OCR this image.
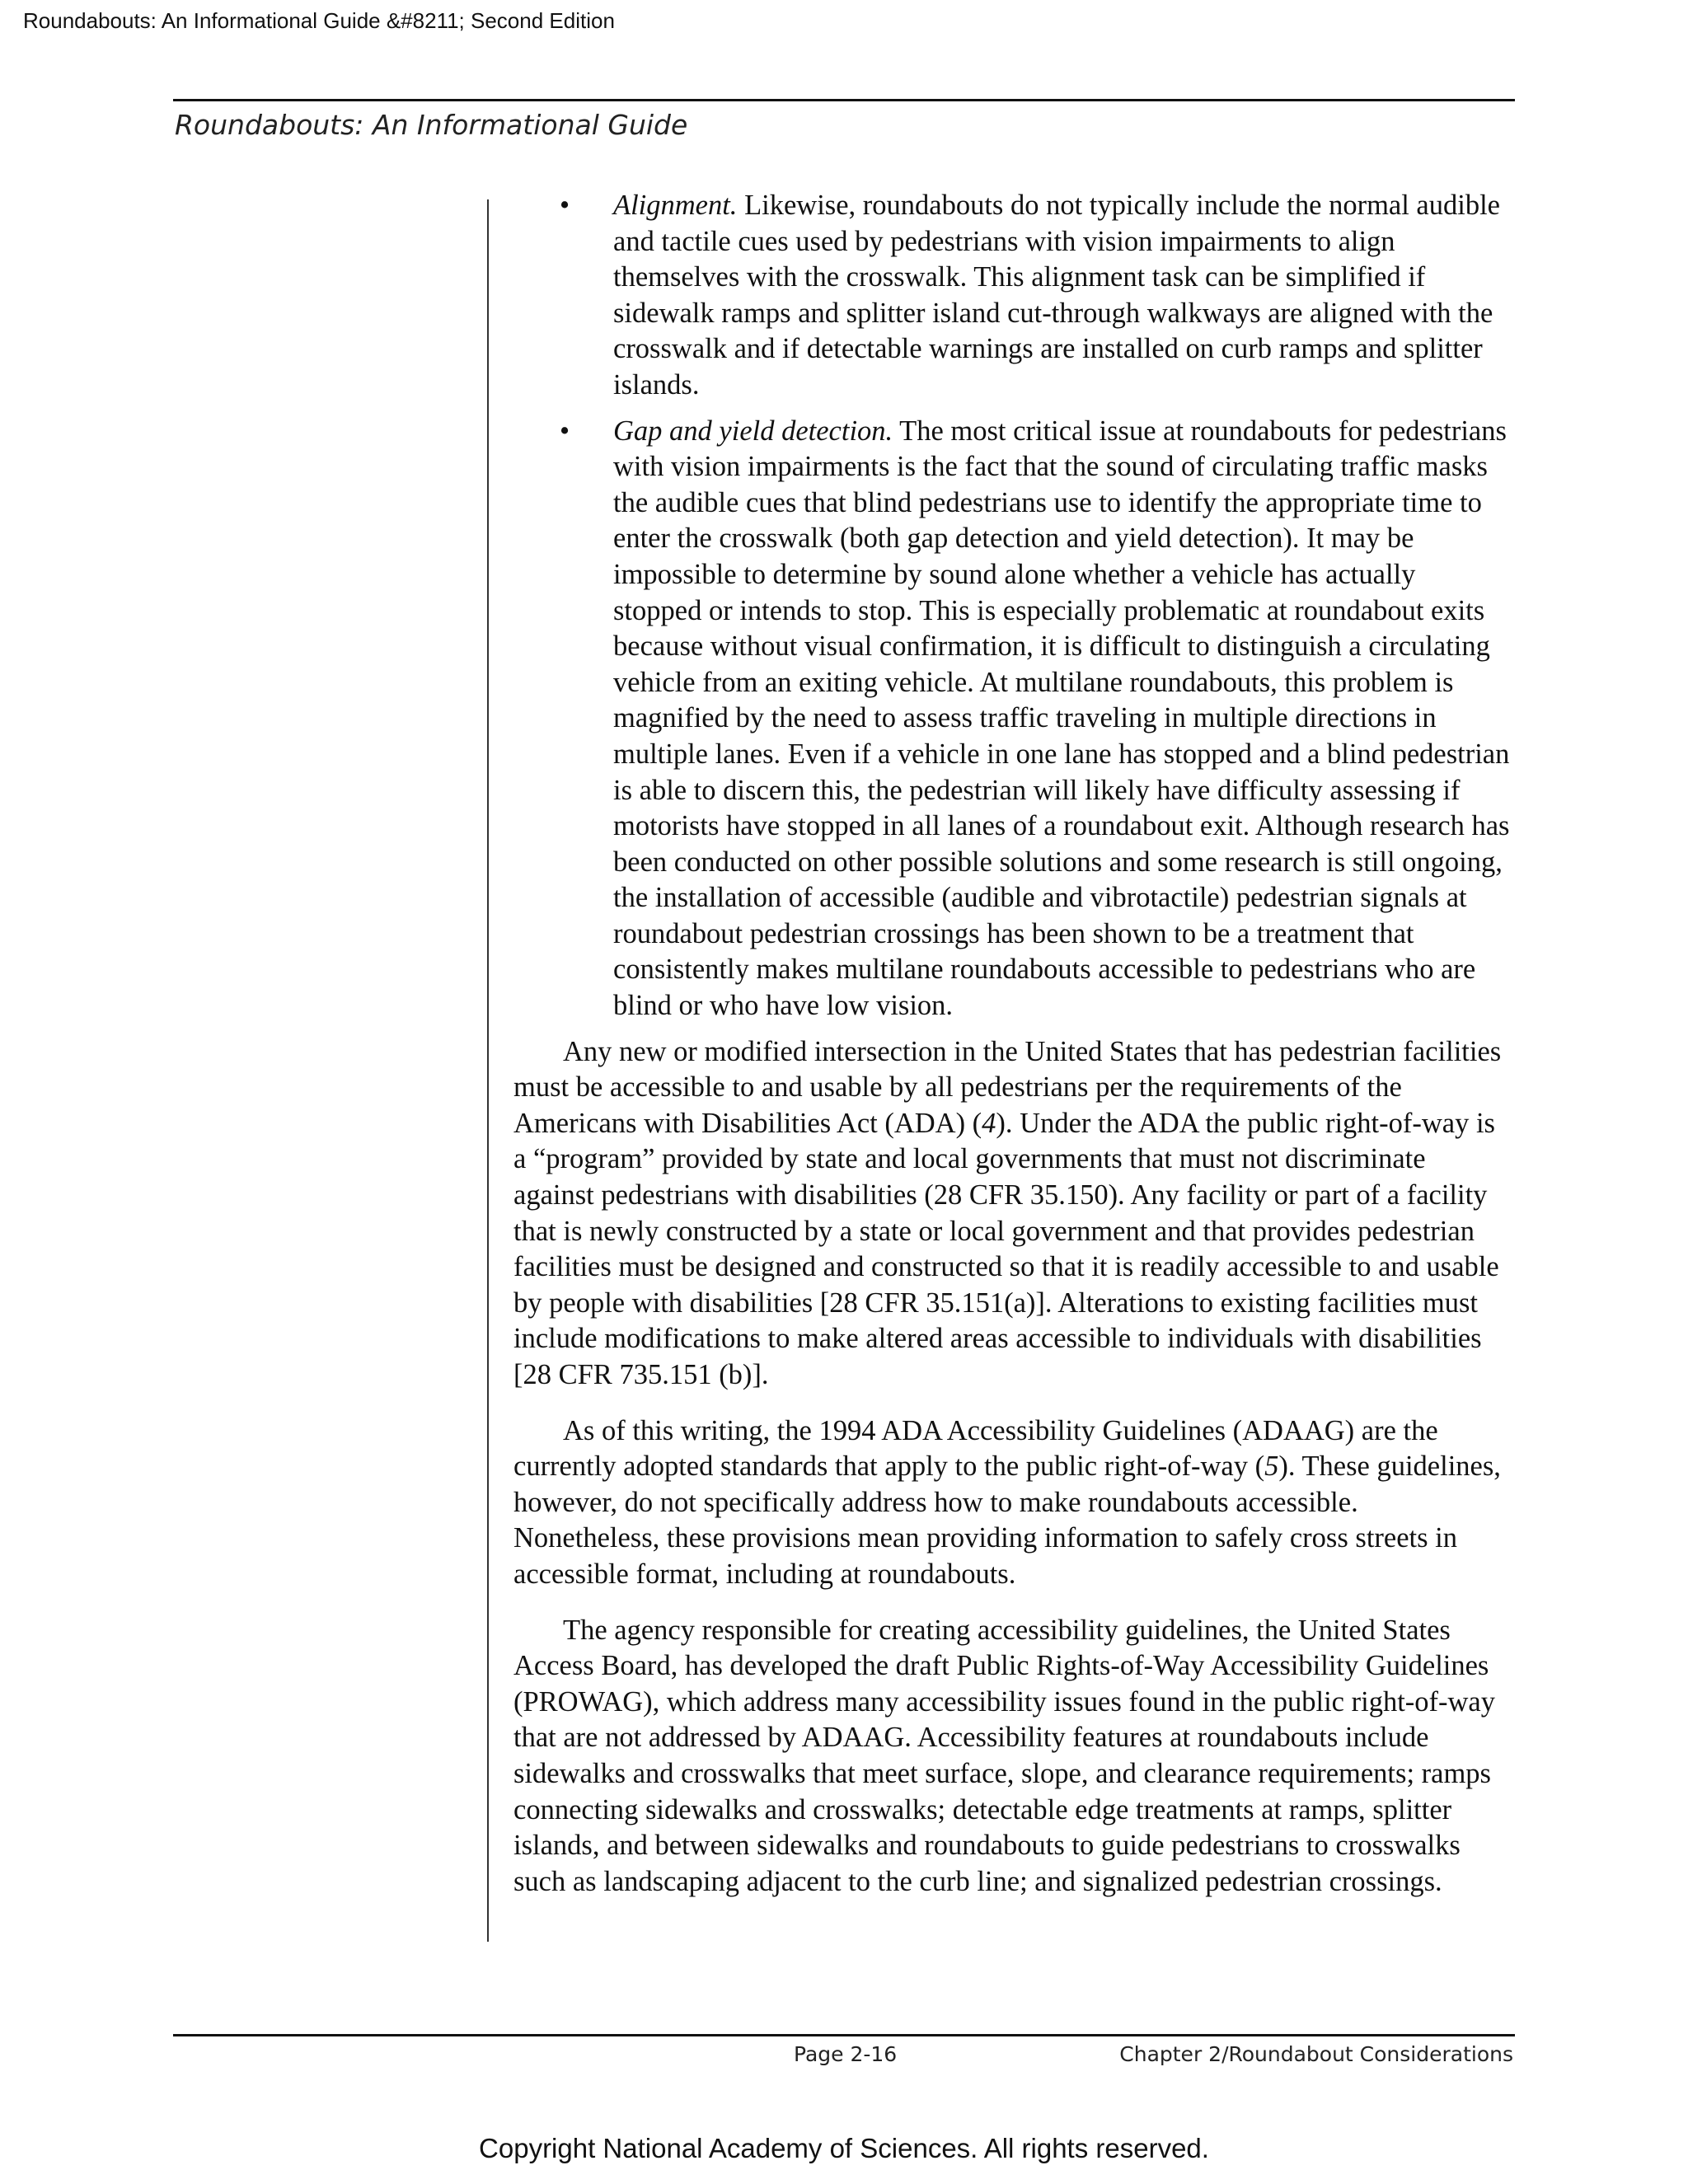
Roundabouts: An Informational Guide &#8211; Second Edition
Roundabouts: An Informational Guide
• Alignment. Likewise, roundabouts do not typically include the normal audible and tactile cues used by pedestrians with vision impairments to align themselves with the crosswalk. This alignment task can be simplified if sidewalk ramps and splitter island cut-through walkways are aligned with the crosswalk and if detectable warnings are installed on curb ramps and splitter islands.
• Gap and yield detection. The most critical issue at roundabouts for pedestrians with vision impairments is the fact that the sound of circulating traffic masks the audible cues that blind pedestrians use to identify the appropriate time to enter the crosswalk (both gap detection and yield detection). It may be impossible to determine by sound alone whether a vehicle has actually stopped or intends to stop. This is especially problematic at roundabout exits because without visual confirmation, it is difficult to distinguish a circulating vehicle from an exiting vehicle. At multilane roundabouts, this problem is magnified by the need to assess traffic traveling in multiple directions in multiple lanes. Even if a vehicle in one lane has stopped and a blind pedestrian is able to discern this, the pedestrian will likely have difficulty assessing if motorists have stopped in all lanes of a roundabout exit. Although research has been conducted on other possible solutions and some research is still ongoing, the installation of accessible (audible and vibrotactile) pedestrian signals at roundabout pedestrian crossings has been shown to be a treatment that consistently makes multilane roundabouts accessible to pedestrians who are blind or who have low vision.

Any new or modified intersection in the United States that has pedestrian facilities must be accessible to and usable by all pedestrians per the requirements of the Americans with Disabilities Act (ADA) (4). Under the ADA the public right-of-way is a “program” provided by state and local governments that must not discriminate against pedestrians with disabilities (28 CFR 35.150). Any facility or part of a facility that is newly constructed by a state or local government and that provides pedestrian facilities must be designed and constructed so that it is readily accessible to and usable by people with disabilities [28 CFR 35.151(a)]. Alterations to existing facilities must include modifications to make altered areas accessible to individuals with disabilities [28 CFR 735.151 (b)].

As of this writing, the 1994 ADA Accessibility Guidelines (ADAAG) are the currently adopted standards that apply to the public right-of-way (5). These guidelines, however, do not specifically address how to make roundabouts accessible. Nonetheless, these provisions mean providing information to safely cross streets in accessible format, including at roundabouts.

The agency responsible for creating accessibility guidelines, the United States Access Board, has developed the draft Public Rights-of-Way Accessibility Guidelines (PROWAG), which address many accessibility issues found in the public right-of-way that are not addressed by ADAAG. Accessibility features at roundabouts include sidewalks and crosswalks that meet surface, slope, and clearance requirements; ramps connecting sidewalks and crosswalks; detectable edge treatments at ramps, splitter islands, and between sidewalks and roundabouts to guide pedestrians to crosswalks such as landscaping adjacent to the curb line; and signalized pedestrian crossings.

Page 2-16	Chapter 2/Roundabout Considerations
Copyright National Academy of Sciences. All rights reserved.
